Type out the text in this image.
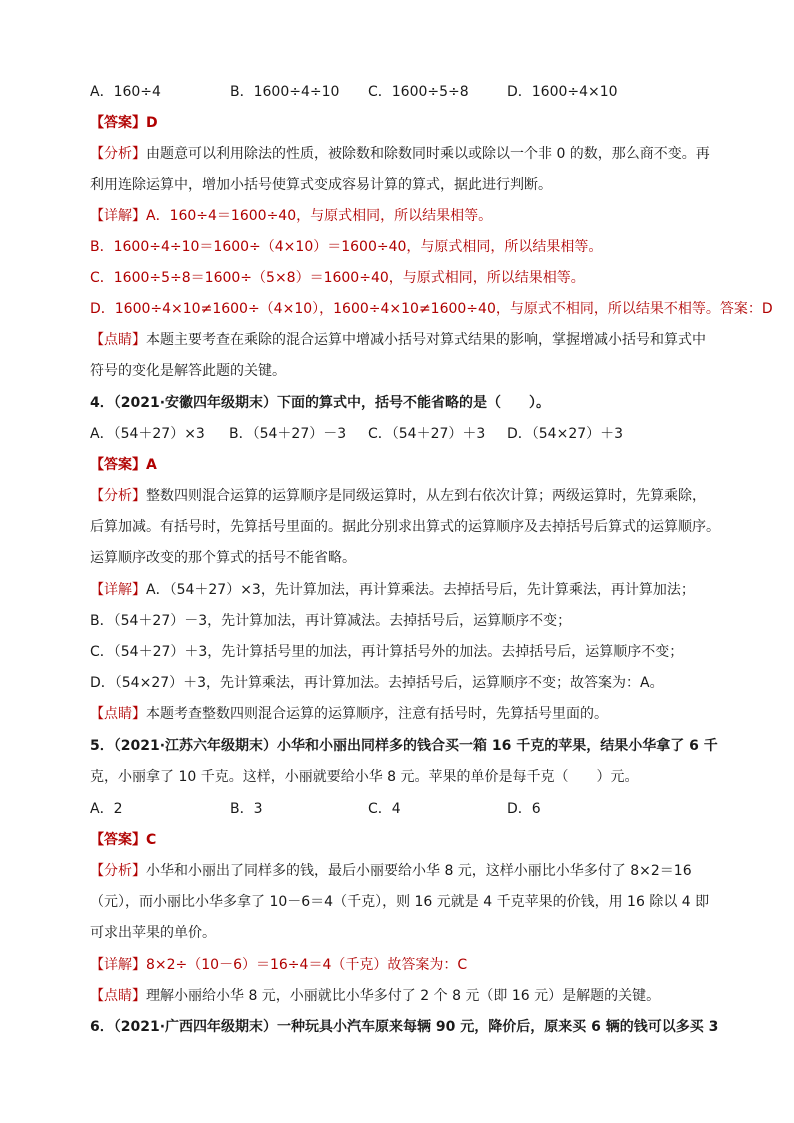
A．160÷4	B．1600÷4÷10 C．1600÷5÷8	D．1600÷4×10
【答案】D
【分析】由题意可以利用除法的性质，被除数和除数同时乘以或除以一个非 0 的数，那么商不变。再
利用连除运算中，增加小括号使算式变成容易计算的算式，据此进行判断。
【详解】A．160÷4＝1600÷40，与原式相同，所以结果相等。
B．1600÷4÷10＝1600÷（4×10）＝1600÷40，与原式相同，所以结果相等。
C．1600÷5÷8＝1600÷（5×8）＝1600÷40，与原式相同，所以结果相等。
D．1600÷4×10≠1600÷（4×10），1600÷4×10≠1600÷40，与原式不相同，所以结果不相等。答案：D
【点睛】本题主要考查在乘除的混合运算中增减小括号对算式结果的影响，掌握增减小括号和算式中
符号的变化是解答此题的关键。
4．（2021·安徽四年级期末）下面的算式中，括号不能省略的是（　　）。
A．（54＋27）×3 B．（54＋27）－3 C．（54＋27）＋3 D．（54×27）＋3
【答案】A
【分析】整数四则混合运算的运算顺序是同级运算时，从左到右依次计算；两级运算时，先算乘除，
后算加减。有括号时，先算括号里面的。据此分别求出算式的运算顺序及去掉括号后算式的运算顺序。
运算顺序改变的那个算式的括号不能省略。
【详解】A．（54＋27）×3，先计算加法，再计算乘法。去掉括号后，先计算乘法，再计算加法；
B．（54＋27）－3，先计算加法，再计算减法。去掉括号后，运算顺序不变；
C．（54＋27）＋3，先计算括号里的加法，再计算括号外的加法。去掉括号后，运算顺序不变；
D．（54×27）＋3，先计算乘法，再计算加法。去掉括号后，运算顺序不变；故答案为：A。
【点睛】本题考查整数四则混合运算的运算顺序，注意有括号时，先算括号里面的。
5．（2021·江苏六年级期末）小华和小丽出同样多的钱合买一箱 16 千克的苹果，结果小华拿了 6 千
克，小丽拿了 10 千克。这样，小丽就要给小华 8 元。苹果的单价是每千克（　　）元。
A．2	B．3	C．4	D．6
【答案】C
【分析】小华和小丽出了同样多的钱，最后小丽要给小华 8 元，这样小丽比小华多付了 8×2＝16
（元），而小丽比小华多拿了 10－6＝4（千克），则 16 元就是 4 千克苹果的价钱，用 16 除以 4 即
可求出苹果的单价。
【详解】8×2÷（10－6）＝16÷4＝4（千克）故答案为：C
【点睛】理解小丽给小华 8 元，小丽就比小华多付了 2 个 8 元（即 16 元）是解题的关键。
6．（2021·广西四年级期末）一种玩具小汽车原来每辆 90 元，降价后，原来买 6 辆的钱可以多买 3
